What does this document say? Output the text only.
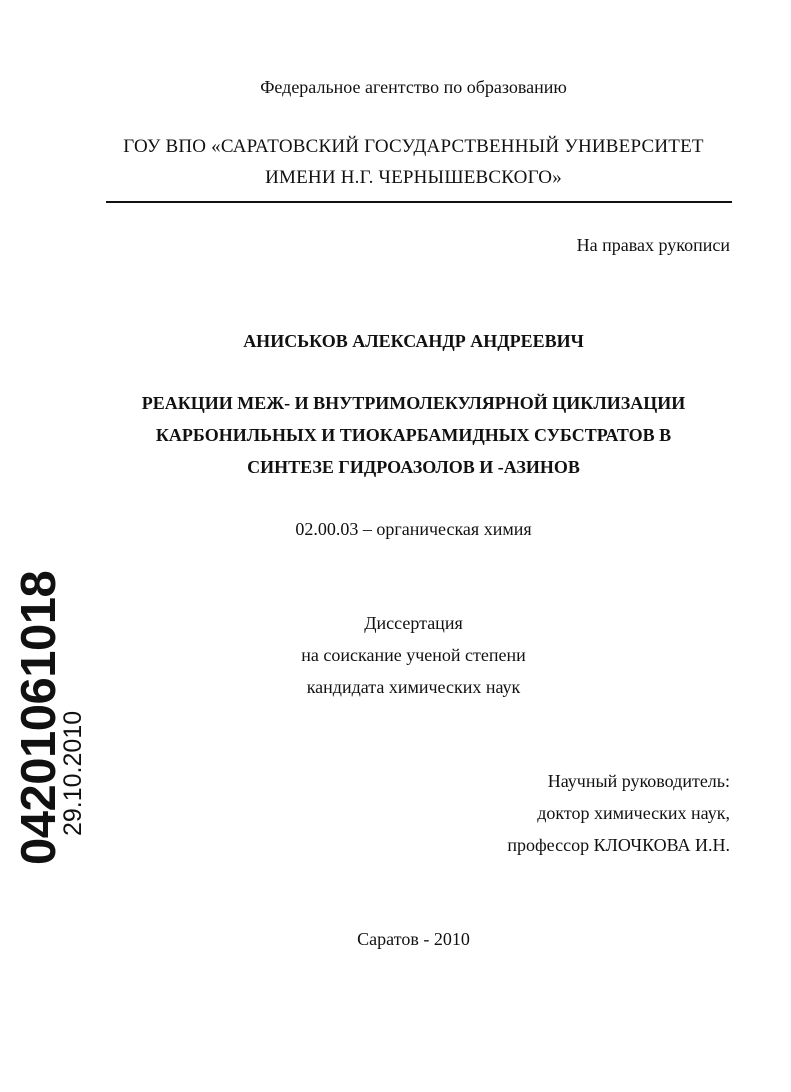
Федеральное агентство по образованию
ГОУ ВПО «САРАТОВСКИЙ ГОСУДАРСТВЕННЫЙ УНИВЕРСИТЕТ
ИМЕНИ Н.Г. ЧЕРНЫШЕВСКОГО»
На правах рукописи
АНИСЬКОВ АЛЕКСАНДР АНДРЕЕВИЧ
РЕАКЦИИ МЕЖ- И ВНУТРИМОЛЕКУЛЯРНОЙ ЦИКЛИЗАЦИИ
КАРБОНИЛЬНЫХ И ТИОКАРБАМИДНЫХ СУБСТРАТОВ В
СИНТЕЗЕ ГИДРОАЗОЛОВ И -АЗИНОВ
02.00.03 – органическая химия
Диссертация
на соискание ученой степени
кандидата химических наук
Научный руководитель:
доктор химических наук,
профессор КЛОЧКОВА И.Н.
Саратов - 2010
04201061018
29.10.2010
